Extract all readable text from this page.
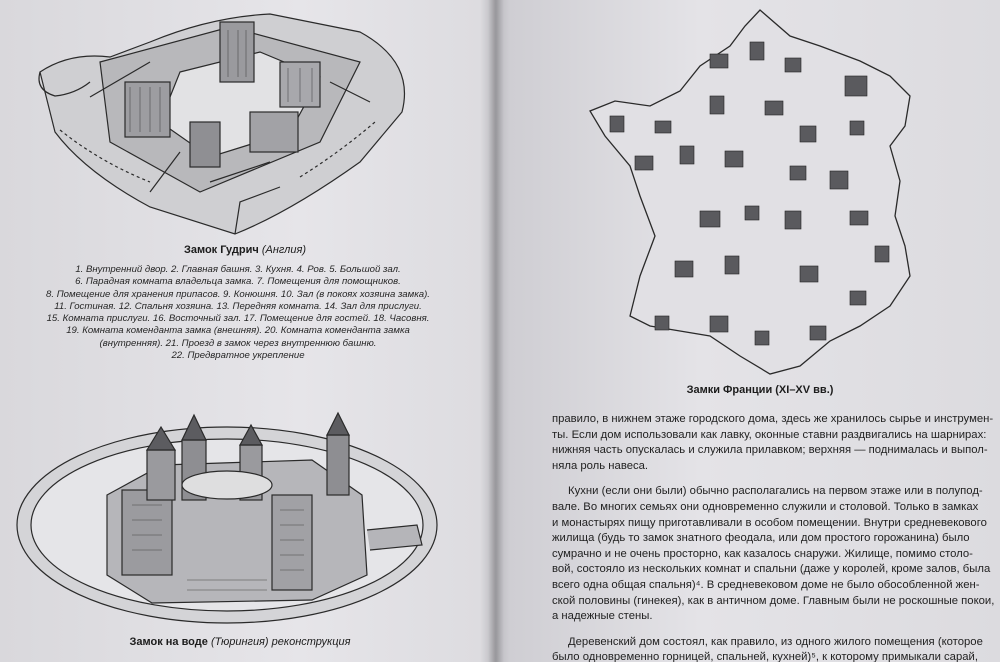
Замок Гудрич (Англия)
1. Внутренний двор. 2. Главная башня. 3. Кухня. 4. Ров. 5. Большой зал.
6. Парадная комната владельца замка. 7. Помещения для помощников.
8. Помещение для хранения припасов. 9. Конюшня. 10. Зал (в покоях хозяина замка).
11. Гостиная. 12. Спальня хозяина. 13. Передняя комната. 14. Зал для прислуги.
15. Комната прислуги. 16. Восточный зал. 17. Помещение для гостей. 18. Часовня.
19. Комната коменданта замка (внешняя). 20. Комната коменданта замка
(внутренняя). 21. Проезд в замок через внутреннюю башню.
22. Предвратное укрепление
Замок на воде (Тюрингия) реконструкция
Замки Франции (XI–XV вв.)

правило, в нижнем этаже городского дома, здесь же хранилось сырье и инструмен-
ты. Если дом использовали как лавку, оконные ставни раздвигались на шарнирах:
нижняя часть опускалась и служила прилавком; верхняя — поднималась и выпол-
няла роль навеса.

Кухни (если они были) обычно располагались на первом этаже или в полупод-
вале. Во многих семьях они одновременно служили и столовой. Только в замках
и монастырях пищу приготавливали в особом помещении. Внутри средневекового
жилища (будь то замок знатного феодала, или дом простого горожанина) было
сумрачно и не очень просторно, как казалось снаружи. Жилище, помимо столо-
вой, состояло из нескольких комнат и спальни (даже у королей, кроме залов, была
всего одна общая спальня)⁴. В средневековом доме не было обособленной жен-
ской половины (гинекея), как в античном доме. Главным были не роскошные покои,
а надежные стены.

Деревенский дом состоял, как правило, из одного жилого помещения (которое
было одновременно горницей, спальней, кухней)⁵, к которому примыкали сарай,
